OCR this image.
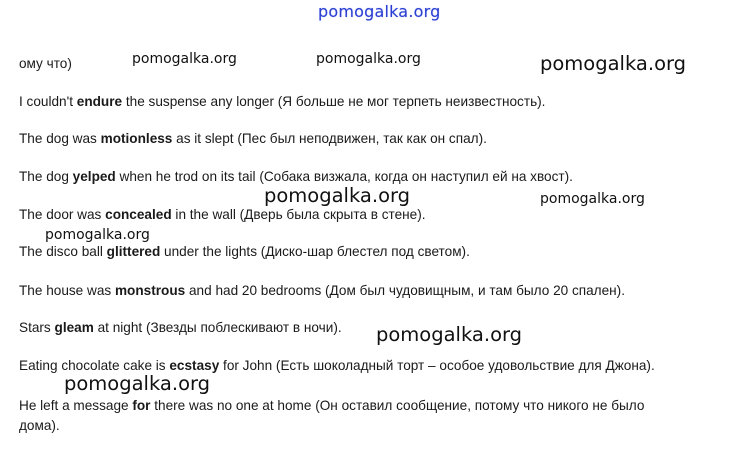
pomogalka.org
ому что)
I couldn't endure the suspense any longer (Я больше не мог терпеть неизвестность).
The dog was motionless as it slept (Пес был неподвижен, так как он спал).
The dog yelped when he trod on its tail (Собака визжала, когда он наступил ей на хвост).
The door was concealed in the wall (Дверь была скрыта в стене).
The disco ball glittered under the lights (Диско-шар блестел под светом).
The house was monstrous and had 20 bedrooms (Дом был чудовищным, и там было 20 спален).
Stars gleam at night (Звезды поблескивают в ночи).
Eating chocolate cake is ecstasy for John (Есть шоколадный торт – особое удовольствие для Джона).
He left a message for there was no one at home (Он оставил сообщение, потому что никого не было
дома).
pomogalka.org	pomogalka.org	pomogalka.org
pomogalka.org	pomogalka.org
pomogalka.org
pomogalka.org
pomogalka.org
